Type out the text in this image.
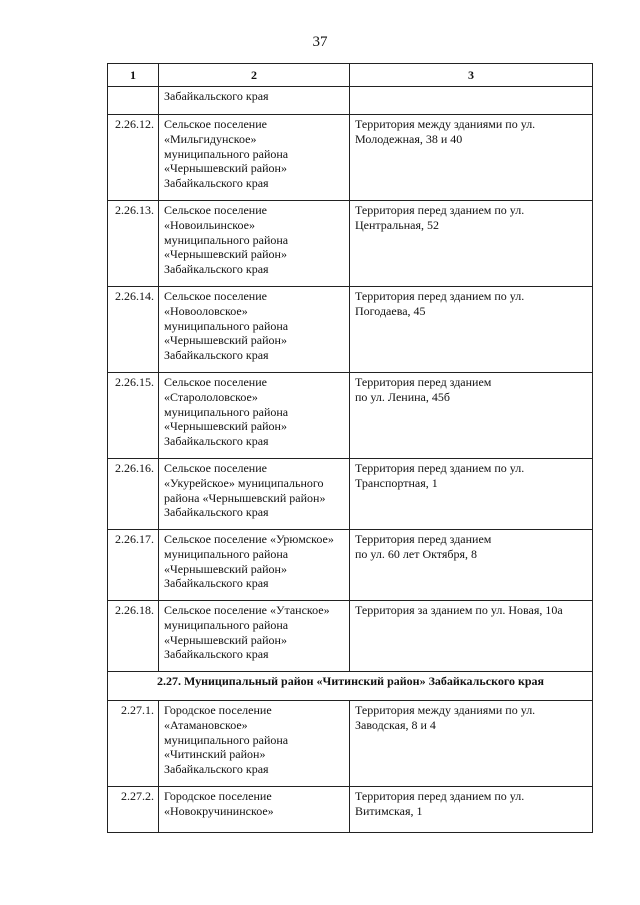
37
1	2	3

	Забайкальского края	

2.26.12.	Сельское поселение
«Мильгидунское»
муниципального района
«Чернышевский район»
Забайкальского края	Территория между зданиями по ул.
Молодежная, 38 и 40

2.26.13.	Сельское поселение
«Новоильинское»
муниципального района
«Чернышевский район»
Забайкальского края	Территория перед зданием по ул.
Центральная, 52

2.26.14.	Сельское поселение
«Новооловское»
муниципального района
«Чернышевский район»
Забайкальского края	Территория перед зданием по ул.
Погодаева, 45

2.26.15.	Сельское поселение
«Старололовское»
муниципального района
«Чернышевский район»
Забайкальского края	Территория перед зданием
по ул. Ленина, 45б

2.26.16.	Сельское поселение
«Укурейское» муниципального
района «Чернышевский район»
Забайкальского края	Территория перед зданием по ул.
Транспортная, 1

2.26.17.	Сельское поселение «Урюмское»
муниципального района
«Чернышевский район»
Забайкальского края	Территория перед зданием
по ул. 60 лет Октября, 8

2.26.18.	Сельское поселение «Утанское»
муниципального района
«Чернышевский район»
Забайкальского края	Территория за зданием по ул. Новая, 10а

2.27. Муниципальный район «Читинский район» Забайкальского края		
2.27.1.	Городское поселение
«Атамановское»
муниципального района
«Читинский район»
Забайкальского края	Территория между зданиями по ул.
Заводская, 8 и 4

2.27.2.	Городское поселение
«Новокручининское»	Территория перед зданием по ул.
Витимская, 1
